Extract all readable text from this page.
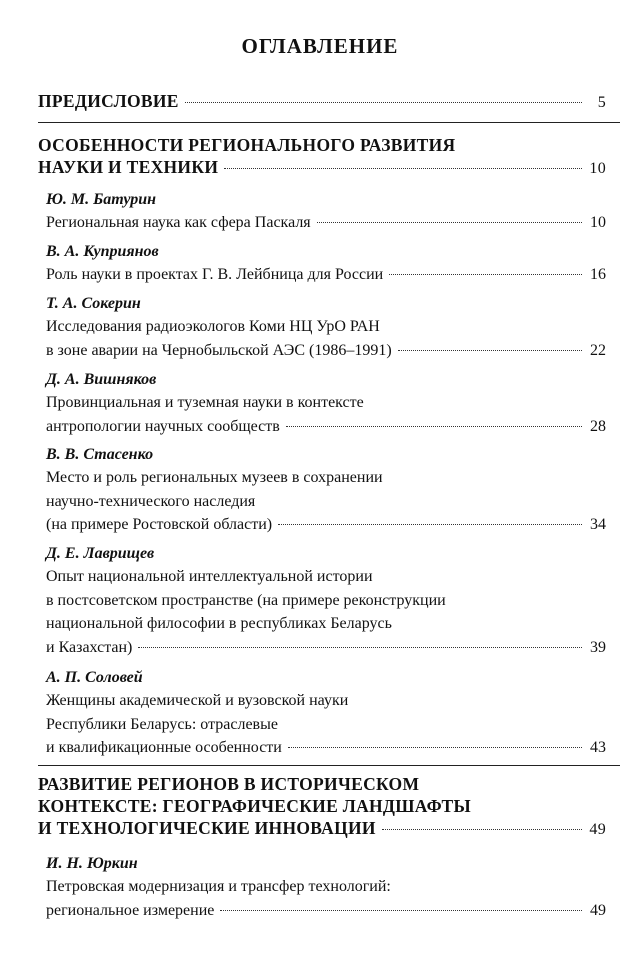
ОГЛАВЛЕНИЕ
ПРЕДИСЛОВИЕ	5
ОСОБЕННОСТИ РЕГИОНАЛЬНОГО РАЗВИТИЯ
НАУКИ И ТЕХНИКИ	10
Ю. М. Батурин
Региональная наука как сфера Паскаля	10
В. А. Куприянов
Роль науки в проектах Г. В. Лейбница для России	16
Т. А. Сокерин
Исследования радиоэкологов Коми НЦ УрО РАН
в зоне аварии на Чернобыльской АЭС (1986–1991)	22
Д. А. Вишняков
Провинциальная и туземная науки в контексте
антропологии научных сообществ	28
В. В. Стасенко
Место и роль региональных музеев в сохранении
научно-технического наследия
(на примере Ростовской области)	34
Д. Е. Лаврищев
Опыт национальной интеллектуальной истории
в постсоветском пространстве (на примере реконструкции
национальной философии в республиках Беларусь
и Казахстан)	39
А. П. Соловей
Женщины академической и вузовской науки
Республики Беларусь: отраслевые
и квалификационные особенности	43
РАЗВИТИЕ РЕГИОНОВ В ИСТОРИЧЕСКОМ
КОНТЕКСТЕ: ГЕОГРАФИЧЕСКИЕ ЛАНДШАФТЫ
И ТЕХНОЛОГИЧЕСКИЕ ИННОВАЦИИ	49
И. Н. Юркин
Петровская модернизация и трансфер технологий:
региональное измерение	49
